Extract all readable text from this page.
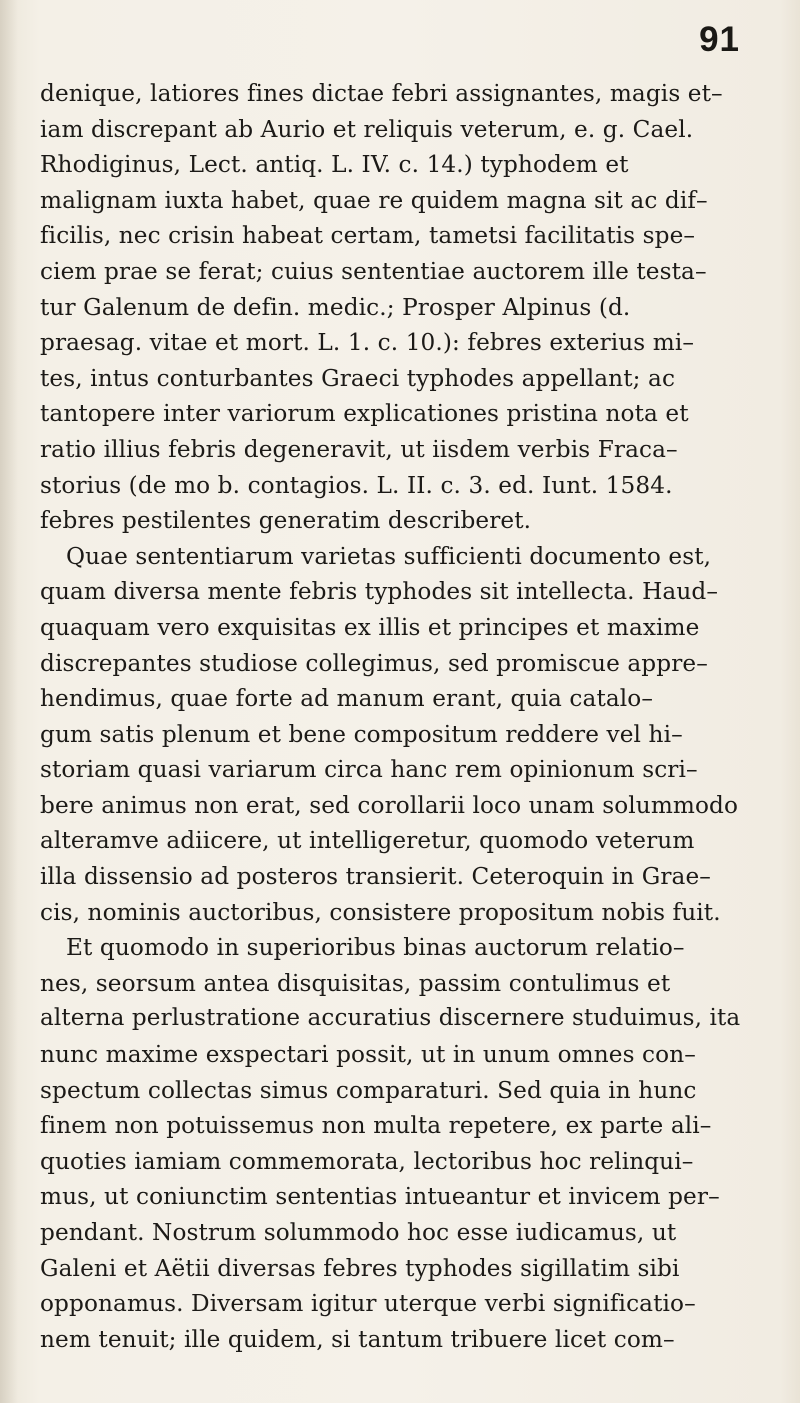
91
denique, latiores fines dictae febri assignantes, magis et–
iam discrepant ab Aurio et reliquis veterum, e. g. Cael.
Rhodiginus, Lect. antiq. L. IV. c. 14.) typhodem et
malignam iuxta habet, quae re quidem magna sit ac dif–
ficilis, nec crisin habeat certam, tametsi facilitatis spe–
ciem prae se ferat; cuius sententiae auctorem ille testa–
tur Galenum de defin. medic.; Prosper Alpinus (d.
praesag. vitae et mort. L. 1. c. 10.): febres exterius mi–
tes, intus conturbantes Graeci typhodes appellant; ac
tantopere inter variorum explicationes pristina nota et
ratio illius febris degeneravit, ut iisdem verbis Fraca–
storius (de mo b. contagios. L. II. c. 3. ed. Iunt. 1584.
febres pestilentes generatim describeret.
Quae sententiarum varietas sufficienti documento est,
quam diversa mente febris typhodes sit intellecta. Haud–
quaquam vero exquisitas ex illis et principes et maxime
discrepantes studiose collegimus, sed promiscue appre–
hendimus, quae forte ad manum erant, quia catalo–
gum satis plenum et bene compositum reddere vel hi–
storiam quasi variarum circa hanc rem opinionum scri–
bere animus non erat, sed corollarii loco unam solummodo
alteramve adiicere, ut intelligeretur, quomodo veterum
illa dissensio ad posteros transierit. Ceteroquin in Grae–
cis, nominis auctoribus, consistere propositum nobis fuit.
Et quomodo in superioribus binas auctorum relatio–
nes, seorsum antea disquisitas, passim contulimus et
alterna perlustratione accuratius discernere studuimus, ita
nunc maxime exspectari possit, ut in unum omnes con–
spectum collectas simus comparaturi. Sed quia in hunc
finem non potuissemus non multa repetere, ex parte ali–
quoties iamiam commemorata, lectoribus hoc relinqui–
mus, ut coniunctim sententias intueantur et invicem per–
pendant. Nostrum solummodo hoc esse iudicamus, ut
Galeni et Aëtii diversas febres typhodes sigillatim sibi
opponamus. Diversam igitur uterque verbi significatio–
nem tenuit; ille quidem, si tantum tribuere licet com–
